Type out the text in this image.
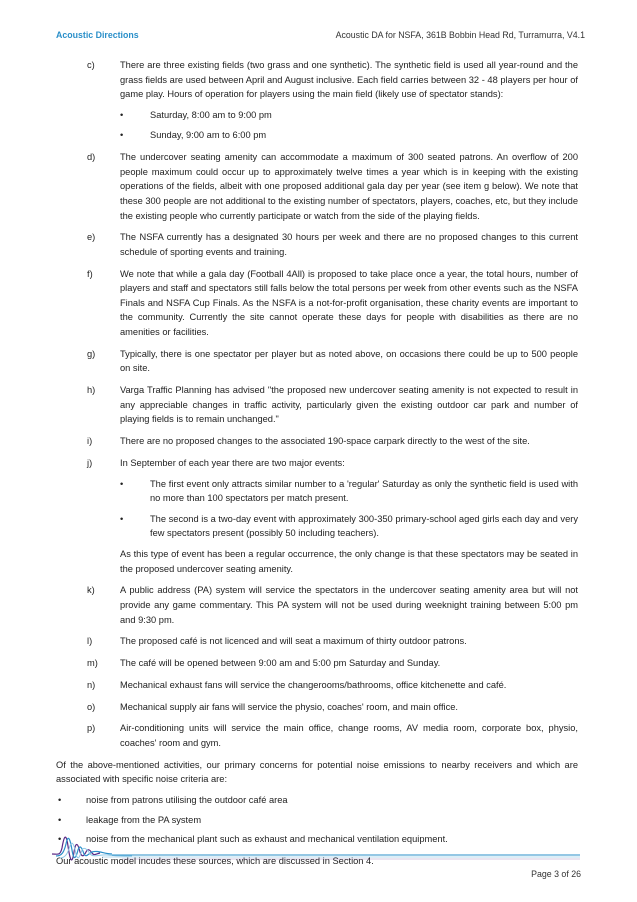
Acoustic Directions	Acoustic DA for NSFA, 361B Bobbin Head Rd, Turramurra, V4.1
c)	There are three existing fields (two grass and one synthetic). The synthetic field is used all year-round and the grass fields are used between April and August inclusive. Each field carries between 32 - 48 players per hour of game play. Hours of operation for players using the main field (likely use of spectator stands):
•	Saturday, 8:00 am to 9:00 pm
•	Sunday, 9:00 am to 6:00 pm
d)	The undercover seating amenity can accommodate a maximum of 300 seated patrons. An overflow of 200 people maximum could occur up to approximately twelve times a year which is in keeping with the existing operations of the fields, albeit with one proposed additional gala day per year (see item g below). We note that these 300 people are not additional to the existing number of spectators, players, coaches, etc, but they include the existing people who currently participate or watch from the side of the playing fields.
e)	The NSFA currently has a designated 30 hours per week and there are no proposed changes to this current schedule of sporting events and training.
f)	We note that while a gala day (Football 4All) is proposed to take place once a year, the total hours, number of players and staff and spectators still falls below the total persons per week from other events such as the NSFA Finals and NSFA Cup Finals. As the NSFA is a not-for-profit organisation, these charity events are important to the community. Currently the site cannot operate these days for people with disabilities as there are no amenities or facilities.
g)	Typically, there is one spectator per player but as noted above, on occasions there could be up to 500 people on site.
h)	Varga Traffic Planning has advised "the proposed new undercover seating amenity is not expected to result in any appreciable changes in traffic activity, particularly given the existing outdoor car park and number of playing fields is to remain unchanged."
i)	There are no proposed changes to the associated 190-space carpark directly to the west of the site.
j)	In September of each year there are two major events:
•	The first event only attracts similar number to a 'regular' Saturday as only the synthetic field is used with no more than 100 spectators per match present.
•	The second is a two-day event with approximately 300-350 primary-school aged girls each day and very few spectators present (possibly 50 including teachers).
As this type of event has been a regular occurrence, the only change is that these spectators may be seated in the proposed undercover seating amenity.
k)	A public address (PA) system will service the spectators in the undercover seating amenity area but will not provide any game commentary. This PA system will not be used during weeknight training between 5:00 pm and 9:30 pm.
l)	The proposed café is not licenced and will seat a maximum of thirty outdoor patrons.
m) The café will be opened between 9:00 am and 5:00 pm Saturday and Sunday.
n)	Mechanical exhaust fans will service the changerooms/bathrooms, office kitchenette and café.
o)	Mechanical supply air fans will service the physio, coaches' room, and main office.
p)	Air-conditioning units will service the main office, change rooms, AV media room, corporate box, physio, coaches' room and gym.
Of the above-mentioned activities, our primary concerns for potential noise emissions to nearby receivers and which are associated with specific noise criteria are:
•	noise from patrons utilising the outdoor café area
•	leakage from the PA system
•	noise from the mechanical plant such as exhaust and mechanical ventilation equipment.
Our acoustic model incudes these sources, which are discussed in Section 4.
Page 3 of 26
